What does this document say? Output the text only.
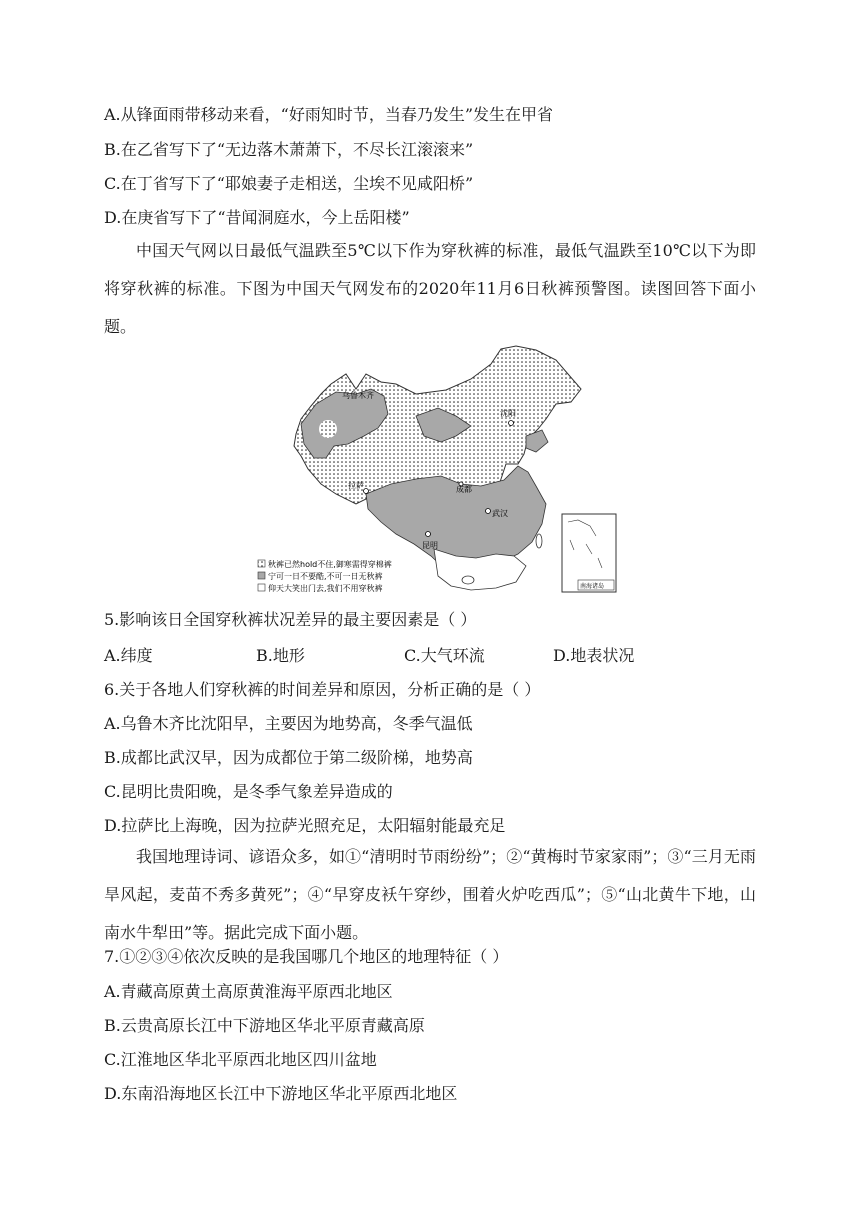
A.从锋面雨带移动来看，“好雨知时节，当春乃发生”发生在甲省
B.在乙省写下了“无边落木萧萧下，不尽长江滚滚来”
C.在丁省写下了“耶娘妻子走相送，尘埃不见咸阳桥”
D.在庚省写下了“昔闻洞庭水，今上岳阳楼”
中国天气网以日最低气温跌至5℃以下作为穿秋裤的标准，最低气温跌至10℃以下为即将穿秋裤的标准。下图为中国天气网发布的2020年11月6日秋裤预警图。读图回答下面小题。
乌鲁木齐
沈阳
拉萨	成都
武汉
昆明
南海诸岛
秋裤已然hold不住,御寒需得穿棉裤
宁可一日不要酷,不可一日无秋裤
仰天大笑出门去,我们不用穿秋裤
5.影响该日全国穿秋裤状况差异的最主要因素是（ ）
A.纬度	B.地形	C.大气环流	D.地表状况
6.关于各地人们穿秋裤的时间差异和原因，分析正确的是（ ）
A.乌鲁木齐比沈阳早，主要因为地势高，冬季气温低
B.成都比武汉早，因为成都位于第二级阶梯，地势高
C.昆明比贵阳晚，是冬季气象差异造成的
D.拉萨比上海晚，因为拉萨光照充足，太阳辐射能最充足
我国地理诗词、谚语众多，如①“清明时节雨纷纷”；②“黄梅时节家家雨”；③“三月无雨旱风起，麦苗不秀多黄死”；④“早穿皮袄午穿纱，围着火炉吃西瓜”；⑤“山北黄牛下地，山南水牛犁田”等。据此完成下面小题。
7.①②③④依次反映的是我国哪几个地区的地理特征（ ）
A.青藏高原黄土高原黄淮海平原西北地区
B.云贵高原长江中下游地区华北平原青藏高原
C.江淮地区华北平原西北地区四川盆地
D.东南沿海地区长江中下游地区华北平原西北地区
